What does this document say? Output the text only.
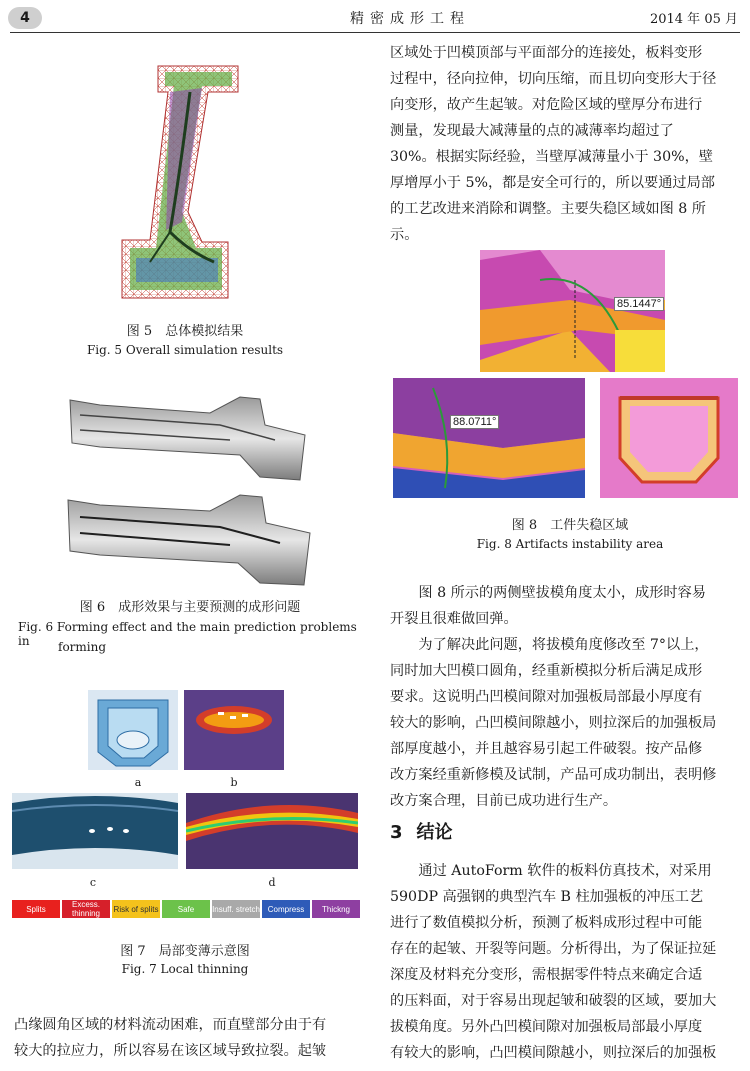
4	精密成形工程	2014 年 05 月
图 5　总体模拟结果
Fig. 5 Overall simulation results
图 6　成形效果与主要预测的成形问题
Fig. 6 Forming effect and the main prediction problems in	forming
a	b
c	d
Splits	Excess. thinning	Risk of splits	Safe	Insuff. stretch Compress	Thickng
图 7　局部变薄示意图
Fig. 7 Local thinning
凸缘圆角区域的材料流动困难，而直壁部分由于有
较大的拉应力，所以容易在该区域导致拉裂。起皱
区域处于凹模顶部与平面部分的连接处，板料变形
过程中，径向拉伸，切向压缩，而且切向变形大于径
向变形，故产生起皱。对危险区域的壁厚分布进行
测量，发现最大减薄量的点的减薄率均超过了
30%。根据实际经验，当壁厚减薄量小于 30%，壁
厚增厚小于 5%，都是安全可行的，所以要通过局部
的工艺改进来消除和调整。主要失稳区域如图 8 所
示。
85.1447°
88.0711°
图 8　工件失稳区域
Fig. 8 Artifacts instability area
　　图 8 所示的两侧壁拔模角度太小，成形时容易
开裂且很难做回弹。
　　为了解决此问题，将拔模角度修改至 7°以上，
同时加大凹模口圆角，经重新模拟分析后满足成形
要求。这说明凸凹模间隙对加强板局部最小厚度有
较大的影响，凸凹模间隙越小，则拉深后的加强板局
部厚度越小，并且越容易引起工件破裂。按产品修
改方案经重新修模及试制，产品可成功制出，表明修
改方案合理，目前已成功进行生产。
3 结论
　　通过 AutoForm 软件的板料仿真技术，对采用
590DP 高强钢的典型汽车 B 柱加强板的冲压工艺
进行了数值模拟分析，预测了板料成形过程中可能
存在的起皱、开裂等问题。分析得出，为了保证拉延
深度及材料充分变形，需根据零件特点来确定合适
的压料面，对于容易出现起皱和破裂的区域，要加大
拔模角度。另外凸凹模间隙对加强板局部最小厚度
有较大的影响，凸凹模间隙越小，则拉深后的加强板
